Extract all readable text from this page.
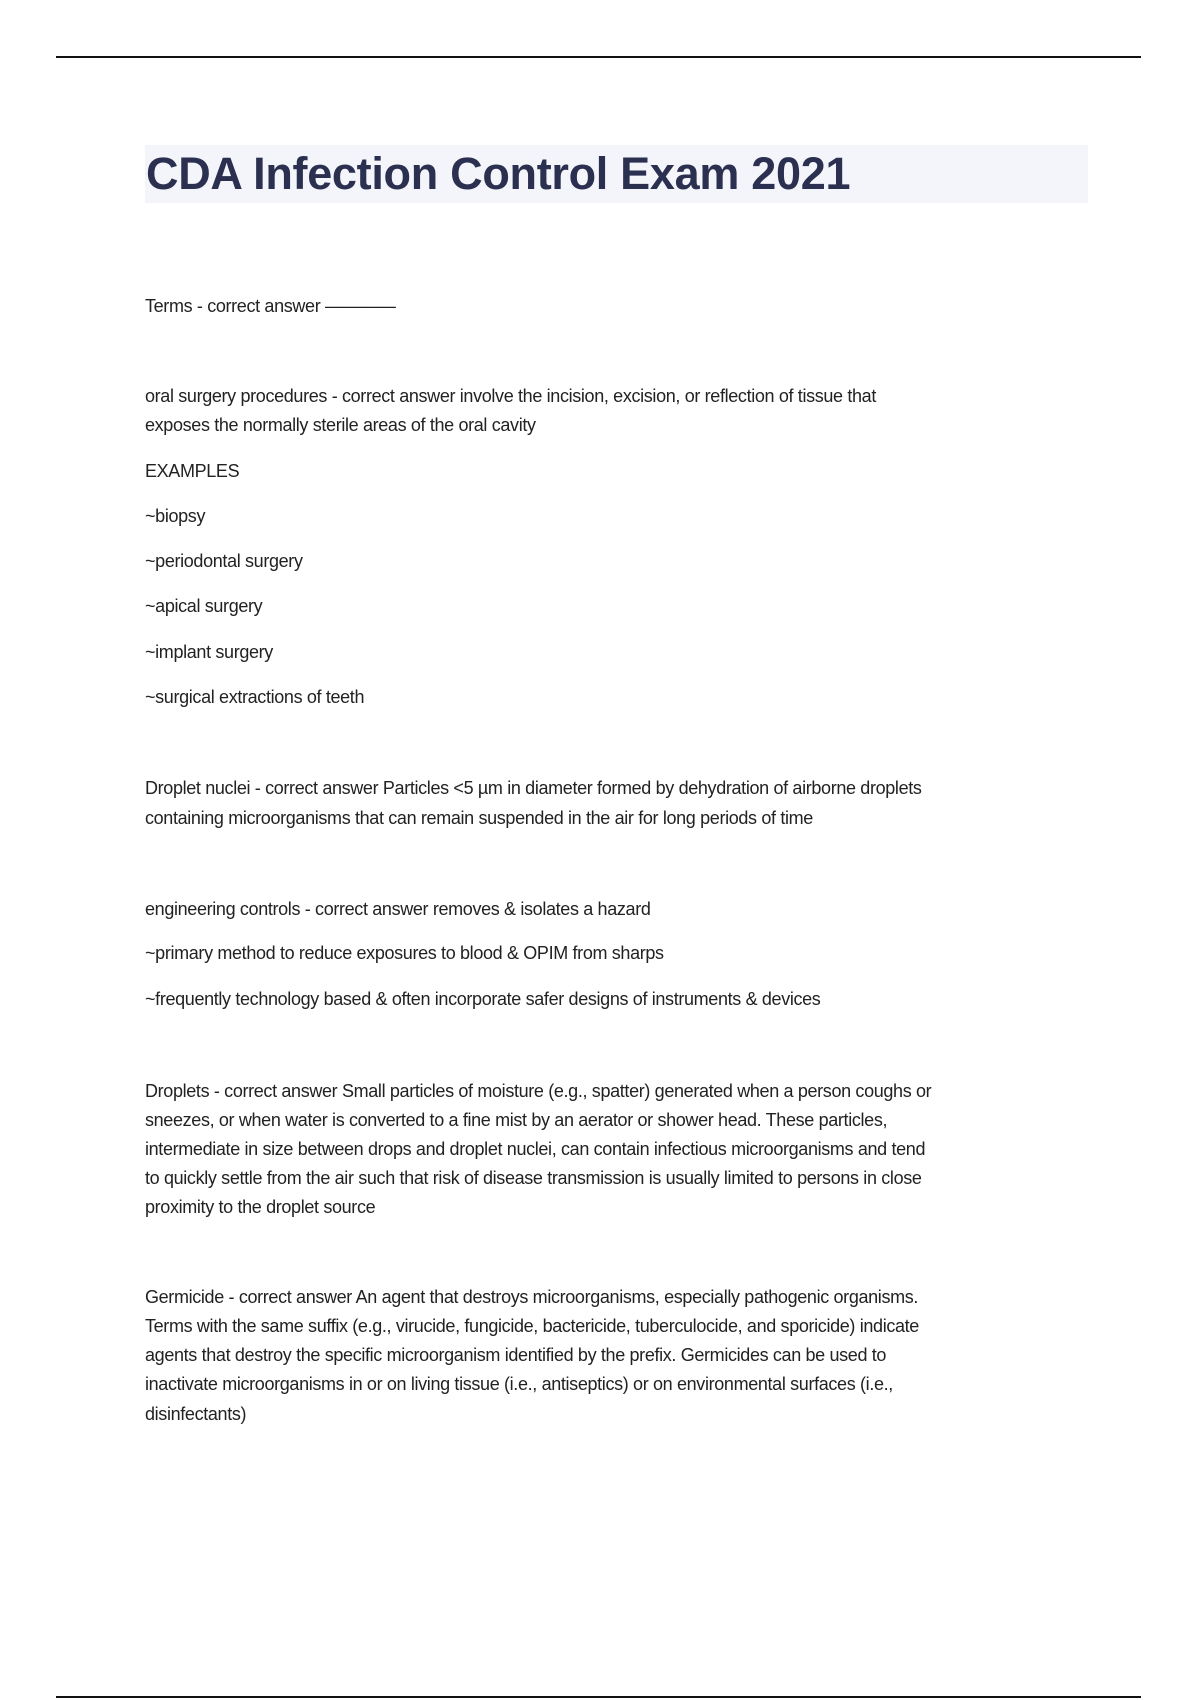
CDA Infection Control Exam 2021
Terms - correct answer ————
oral surgery procedures - correct answer involve the incision, excision, or reflection of tissue that
exposes the normally sterile areas of the oral cavity
EXAMPLES
~biopsy
~periodontal surgery
~apical surgery
~implant surgery
~surgical extractions of teeth
Droplet nuclei - correct answer Particles <5 µm in diameter formed by dehydration of airborne droplets
containing microorganisms that can remain suspended in the air for long periods of time
engineering controls - correct answer removes & isolates a hazard
~primary method to reduce exposures to blood & OPIM from sharps
~frequently technology based & often incorporate safer designs of instruments & devices
Droplets - correct answer Small particles of moisture (e.g., spatter) generated when a person coughs or
sneezes, or when water is converted to a fine mist by an aerator or shower head. These particles,
intermediate in size between drops and droplet nuclei, can contain infectious microorganisms and tend
to quickly settle from the air such that risk of disease transmission is usually limited to persons in close
proximity to the droplet source
Germicide - correct answer An agent that destroys microorganisms, especially pathogenic organisms.
Terms with the same suffix (e.g., virucide, fungicide, bactericide, tuberculocide, and sporicide) indicate
agents that destroy the specific microorganism identified by the prefix. Germicides can be used to
inactivate microorganisms in or on living tissue (i.e., antiseptics) or on environmental surfaces (i.e.,
disinfectants)
